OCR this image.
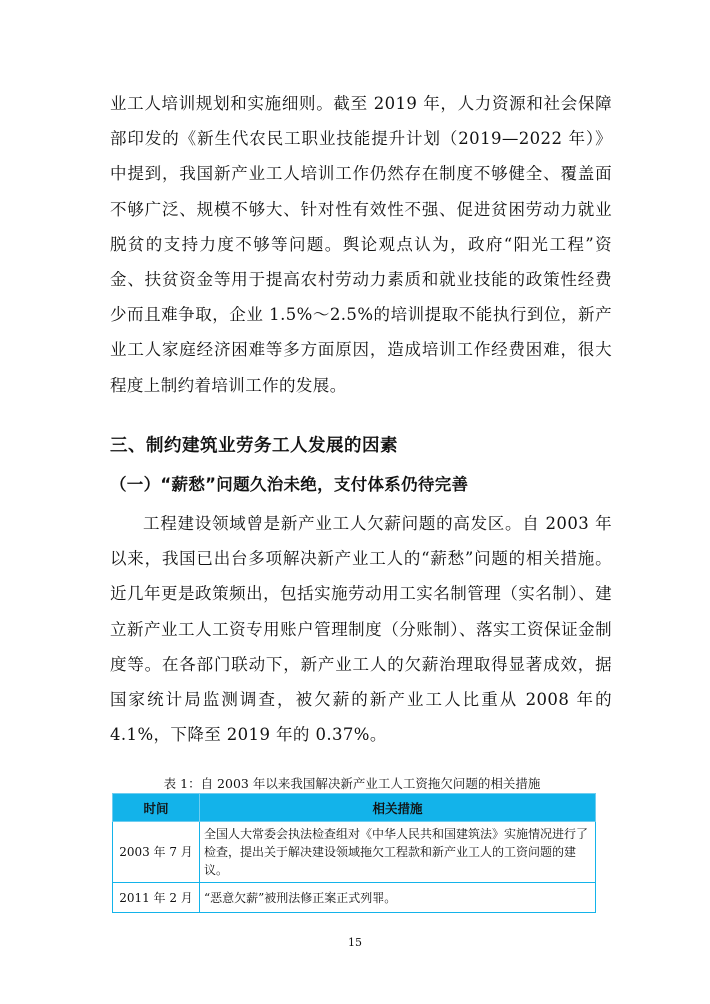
业工人培训规划和实施细则。截至 2019 年，人力资源和社会保障部印发的《新生代农民工职业技能提升计划（2019—2022 年）》中提到，我国新产业工人培训工作仍然存在制度不够健全、覆盖面不够广泛、规模不够大、针对性有效性不强、促进贫困劳动力就业脱贫的支持力度不够等问题。舆论观点认为，政府“阳光工程”资金、扶贫资金等用于提高农村劳动力素质和就业技能的政策性经费少而且难争取，企业 1.5%～2.5%的培训提取不能执行到位，新产业工人家庭经济困难等多方面原因，造成培训工作经费困难，很大程度上制约着培训工作的发展。

三、制约建筑业劳务工人发展的因素
（一）“薪愁”问题久治未绝，支付体系仍待完善

工程建设领域曾是新产业工人欠薪问题的高发区。自 2003 年以来，我国已出台多项解决新产业工人的“薪愁”问题的相关措施。近几年更是政策频出，包括实施劳动用工实名制管理（实名制）、建立新产业工人工资专用账户管理制度（分账制）、落实工资保证金制度等。在各部门联动下，新产业工人的欠薪治理取得显著成效，据国家统计局监测调查，被欠薪的新产业工人比重从 2008 年的 4.1%，下降至 2019 年的 0.37%。

表 1：自 2003 年以来我国解决新产业工人工资拖欠问题的相关措施

时间	相关措施
2003 年 7 月	全国人大常委会执法检查组对《中华人民共和国建筑法》实施情况进行了检查，提出关于解决建设领域拖欠工程款和新产业工人的工资问题的建议。
2011 年 2 月	“恶意欠薪”被刑法修正案正式列罪。

15
